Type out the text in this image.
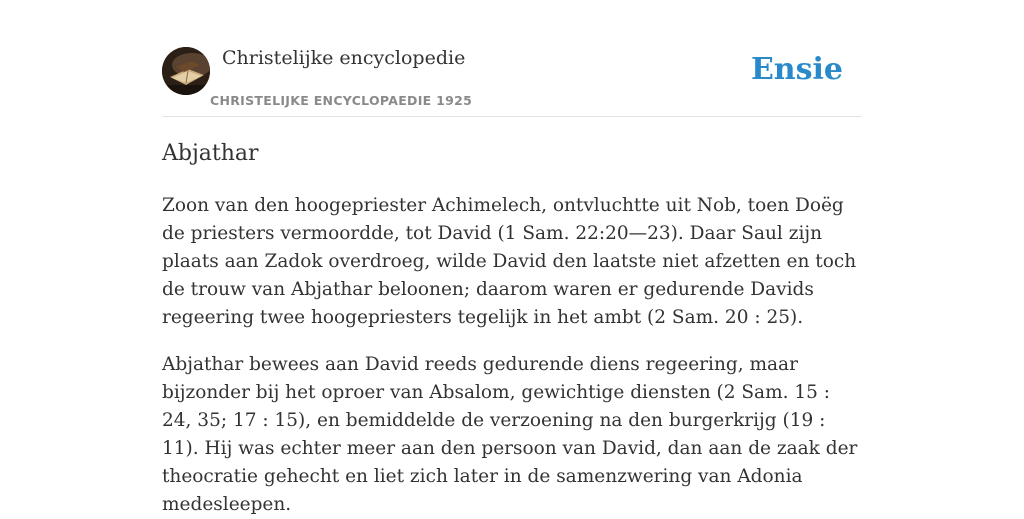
Christelijke encyclopedie
CHRISTELIJKE ENCYCLOPAEDIE 1925
Ensie
Abjathar

Zoon van den hoogepriester Achimelech, ontvluchtte uit Nob, toen Doëg de priesters vermoordde, tot David (1 Sam. 22:20—23). Daar Saul zijn plaats aan Zadok overdroeg, wilde David den laatste niet afzetten en toch de trouw van Abjathar beloonen; daarom waren er gedurende Davids regeering twee hoogepriesters tegelijk in het ambt (2 Sam. 20 : 25).

Abjathar bewees aan David reeds gedurende diens regeering, maar bijzonder bij het oproer van Absalom, gewichtige diensten (2 Sam. 15 : 24, 35; 17 : 15), en bemiddelde de verzoening na den burgerkrijg (19 : 11). Hij was echter meer aan den persoon van David, dan aan de zaak der theocratie gehecht en liet zich later in de samenzwering van Adonia medesleepen.
